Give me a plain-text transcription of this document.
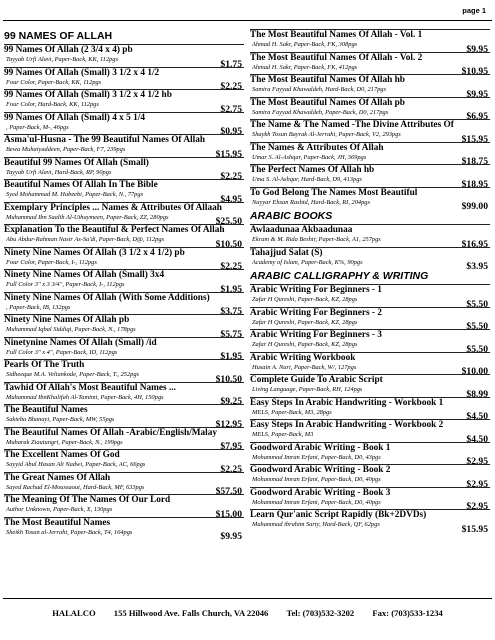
page 1
99 NAMES OF ALLAH
99 Names Of Allah (2 3/4 x 4) pb
Tayyab Urfi Alavi, Paper-Back, KK, 112pgs	$1.75
99 Names Of Allah (Small) 3 1/2 x 4 1/2
Four Color, Paper-Back, KK, 112pgs	$2.25
99 Names Of Allah (Small) 3 1/2 x 4 1/2 hb
Four Color, Hard-Back, KK, 112pgs	$2.75
99 Names Of Allah (Small) 4 x 5 1/4
, Paper-Back, M-, 46pgs	$0.95
Asma'ul-Husna - The 99 Beautiful Names Of Allah
Bewa Muhaiyaddeen, Paper-Back, F7, 239pgs	$15.95
Beautiful 99 Names Of Allah (Small)
Tayyab Urfi Alavi, Hard-Back, RP, 90pgs	$2.25
Beautiful Names Of Allah In The Bible
Syed Mohammad M. Habeebi, Paper-Back, N., 77pgs	$4.95
Exemplary Principles ... Names & Attributes Of Allaah
Muhammad Ibn Saalih Al-Uthaymeen, Paper-Back, ZZ, 280pgs	$25.50
Explanation To the Beautiful & Perfect Names Of Allah
Abu Abdur-Rahman Nasir As-Sa'di, Paper-Back, D@, 112pgs	$10.50
Ninety Nine Names Of Allah (3 1/2 x 4 1/2) pb
Four Color, Paper-Back, I-, 112pgs	$2.25
Ninety Nine Names Of Allah (Small) 3x4
Full Color 3" x 3 3/4", Paper-Back, I-, 112pgs	$1.95
Ninety Nine Names Of Allah (With Some Additions)
, Paper-Back, IB, 132pgs	$3.75
Ninety Nine Names Of Allah pb
Muhammad Iqbal Siddiqi, Paper-Back, N., 178pgs	$5.75
Ninetynine Names Of Allah (Small) /id
Full Color 3" x 4", Paper-Back, ID, 112pgs	$1.95
Pearls Of The Truth
Sidheeque M.A. Veliankode, Paper-Back, T., 252pgs	$10.50
Tawhid Of Allah's Most Beautiful Names ...
Muhammad IbnKhalifah Al-Tamimi, Paper-Back, 4H, 150pgs	$9.25
The Beautiful Names
Sakieba Bhanayi, Paper-Back, MW, 55pgs	$12.95
The Beautiful Names Of Allah -Arabic/English/Malay
Mubarak Ziautungri, Paper-Back, N., 199pgs	$7.95
The Excellent Names Of God
Sayyid Abul Hasan Ali Nadwi, Paper-Back, AC, 66pgs	$2.25
The Great Names Of Allah
Sayed Rachad El-Moussaoui, Hard-Back, MF, 633pgs	$57.50
The Meaning Of The Names Of Our Lord
Author Unknown, Paper-Back, X, 130pgs	$15.00
The Most Beautiful Names
Sheikh Tosun al-Jerrahi, Paper-Back, T4, 164pgs	$9.95
The Most Beautiful Names Of Allah - Vol. 1
Ahmad H. Sakr, Paper-Back, FK, 308pgs	$9.95
The Most Beautiful Names Of Allah - Vol. 2
Ahmad H. Sakr, Paper-Back, FK, 412pgs	$10.95
The Most Beautiful Names Of Allah hb
Samira Fayyad Khawaldeh, Hard-Back, D0, 217pgs	$9.95
The Most Beautiful Names Of Allah pb
Samira Fayyad Khawaldeh, Paper-Back, D0, 217pgs	$6.95
The Name & The Named -The Divine Attributes Of
Shaykh Tosun Bayrak Al-Jerrahi, Paper-Back, V2, 293pgs	$15.95
The Names & Attributes Of Allah
Umar S. Al-Ashqar, Paper-Back, JH, 369pgs	$18.75
The Perfect Names Of Allah hb
Uma S. Al-Ashqar, Hard-Back, D9, 413pgs	$18.95
To God Belong The Names Most Beautiful
Nayyar Ehsan Rashid, Hard-Back, RI, 204pgs	$99.00
ARABIC BOOKS
Awlaadunaa Akbaadunaa
Ekram & M. Rida Beshir, Paper-Back, A1, 257pgs	$16.95
Tahajjud Salat (S)
Academy of Islam, Paper-Back, K%, 90pgs	$3.95
ARABIC CALLIGRAPHY & WRITING
Arabic Writing For Beginners - 1
Zafar H Qureshi, Paper-Back, KZ, 28pgs	$5.50
Arabic Writing For Beginners - 2
Zafar H Qureshi, Paper-Back, KZ, 28pgs	$5.50
Arabic Writing For Beginners - 3
Zafar H Qureshi, Paper-Back, KZ, 28pgs	$5.50
Arabic Writing Workbook
Husain A. Nuri, Paper-Back, W/, 127pgs	$10.00
Complete Guide To Arabic Script
Living Language, Paper-Back, RH, 124pgs	$8.99
Easy Steps In Arabic Handwriting - Workbook 1
MELS, Paper-Back, M3, 28pgs	$4.50
Easy Steps In Arabic Handwriting - Workbook 2
MELS, Paper-Back, M3	$4.50
Goodword Arabic Writing - Book 1
Mohammad Imran Erfani, Paper-Back, D0, 43pgs	$2.95
Goodword Arabic Writing - Book 2
Mohammad Imran Erfani, Paper-Back, D0, 40pgs	$2.95
Goodword Arabic Writing - Book 3
Mohammad Imran Erfani, Paper-Back, D0, 40pgs	$2.95
Learn Qur'anic Script Rapidly (Bk+2DVDs)
Muhammad ibrahim Surty, Hard-Back, QF, 62pgs	$15.95
HALALCO 155 Hillwood Ave. Falls Church, VA 22046 Tel: (703)532-3202 Fax: (703)533-1234
